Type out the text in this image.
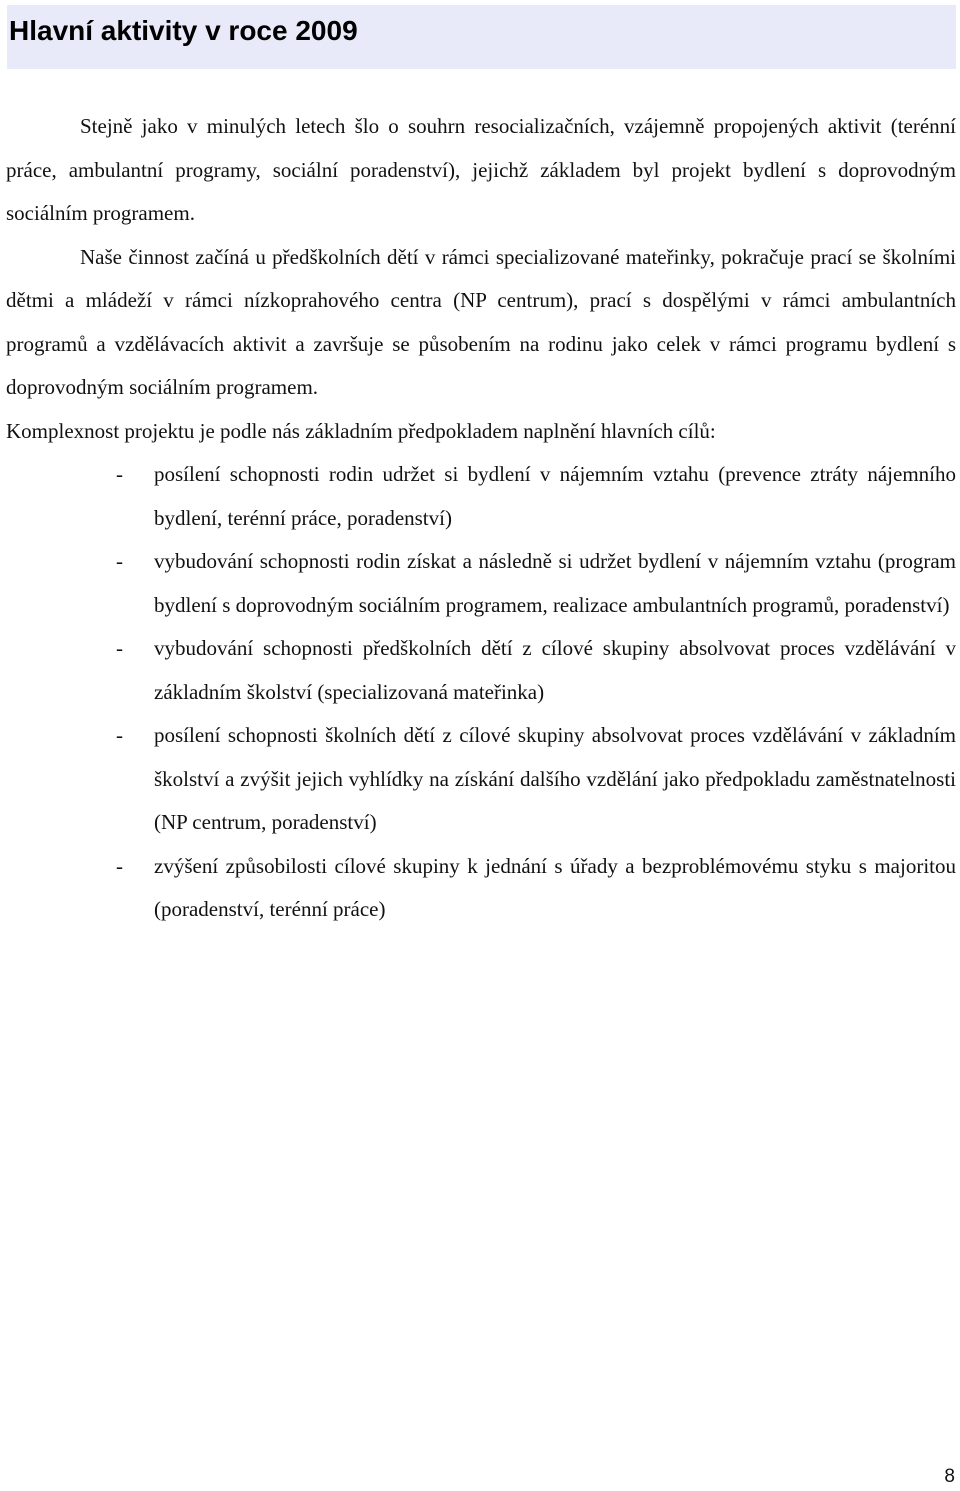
Hlavní aktivity v roce 2009

Stejně jako v minulých letech šlo o souhrn resocializačních, vzájemně propojených aktivit (terénní práce, ambulantní programy, sociální poradenství), jejichž základem byl projekt bydlení s doprovodným sociálním programem.

Naše činnost začíná u předškolních dětí v rámci specializované mateřinky, pokračuje prací se školními dětmi a mládeží v rámci nízkoprahového centra (NP centrum), prací s dospělými v rámci ambulantních programů a vzdělávacích aktivit a završuje se působením na rodinu jako celek v rámci programu bydlení s doprovodným sociálním programem.

Komplexnost projektu je podle nás základním předpokladem naplnění hlavních cílů:

- posílení schopnosti rodin udržet si bydlení v nájemním vztahu (prevence ztráty nájemního bydlení, terénní práce, poradenství)
- vybudování schopnosti rodin získat a následně si udržet bydlení v nájemním vztahu (program bydlení s doprovodným sociálním programem, realizace ambulantních programů, poradenství)
- vybudování schopnosti předškolních dětí z cílové skupiny absolvovat proces vzdělávání v základním školství (specializovaná mateřinka)
- posílení schopnosti školních dětí z cílové skupiny absolvovat proces vzdělávání v základním školství a zvýšit jejich vyhlídky na získání dalšího vzdělání jako předpokladu zaměstnatelnosti (NP centrum, poradenství)
- zvýšení způsobilosti cílové skupiny k jednání s úřady a bezproblémovému styku s majoritou (poradenství, terénní práce)
8
